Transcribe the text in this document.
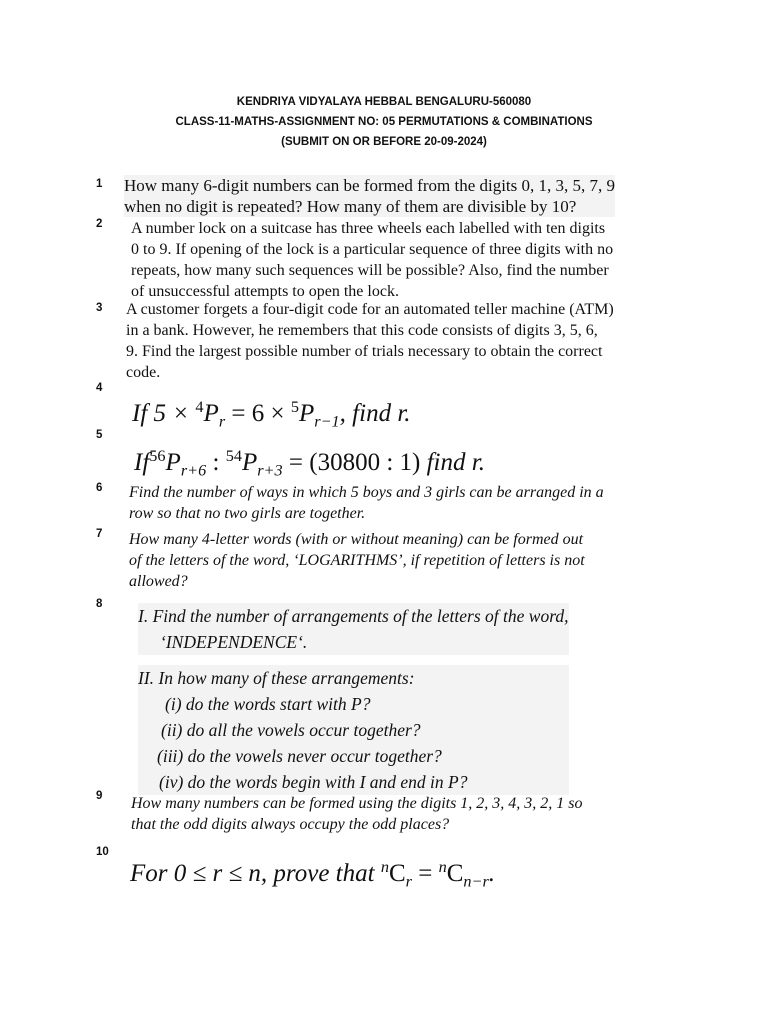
KENDRIYA VIDYALAYA HEBBAL BENGALURU-560080
CLASS-11-MATHS-ASSIGNMENT NO: 05 PERMUTATIONS & COMBINATIONS
(SUBMIT ON OR BEFORE 20-09-2024)
1 How many 6-digit numbers can be formed from the digits 0, 1, 3, 5, 7, 9
when no digit is repeated? How many of them are divisible by 10?
2 A number lock on a suitcase has three wheels each labelled with ten digits
0 to 9. If opening of the lock is a particular sequence of three digits with no
repeats, how many such sequences will be possible? Also, find the number
of unsuccessful attempts to open the lock.
3 A customer forgets a four-digit code for an automated teller machine (ATM)
in a bank. However, he remembers that this code consists of digits 3, 5, 6,
9. Find the largest possible number of trials necessary to obtain the correct
code.
4
If $5 \times ^4P_r = 6 \times ^5P_{r-1}$, find r.
5
$If^{56}P_{r+6}$ : $^{54}P_{r+3} = (30800$ : 1) find r.
6 Find the number of ways in which 5 boys and 3 girls can be arranged in a
row so that no two girls are together.
7 How many 4-letter words (with or without meaning) can be formed out
of the letters of the word, ‘LOGARITHMS’, if repetition of letters is not
allowed?
8
I. Find the number of arrangements of the letters of the word,
‘INDEPENDENCE‘.
II. In how many of these arrangements:
(i) do the words start with P?
(ii) do all the vowels occur together?
(iii) do the vowels never occur together?
(iv) do the words begin with I and end in P?
9 How many numbers can be formed using the digits 1, 2, 3, 4, 3, 2, 1 so
that the odd digits always occupy the odd places?
10
For 0 ≤ r ≤ n, prove that $^nC_r = ^nC_{n-r}$.
